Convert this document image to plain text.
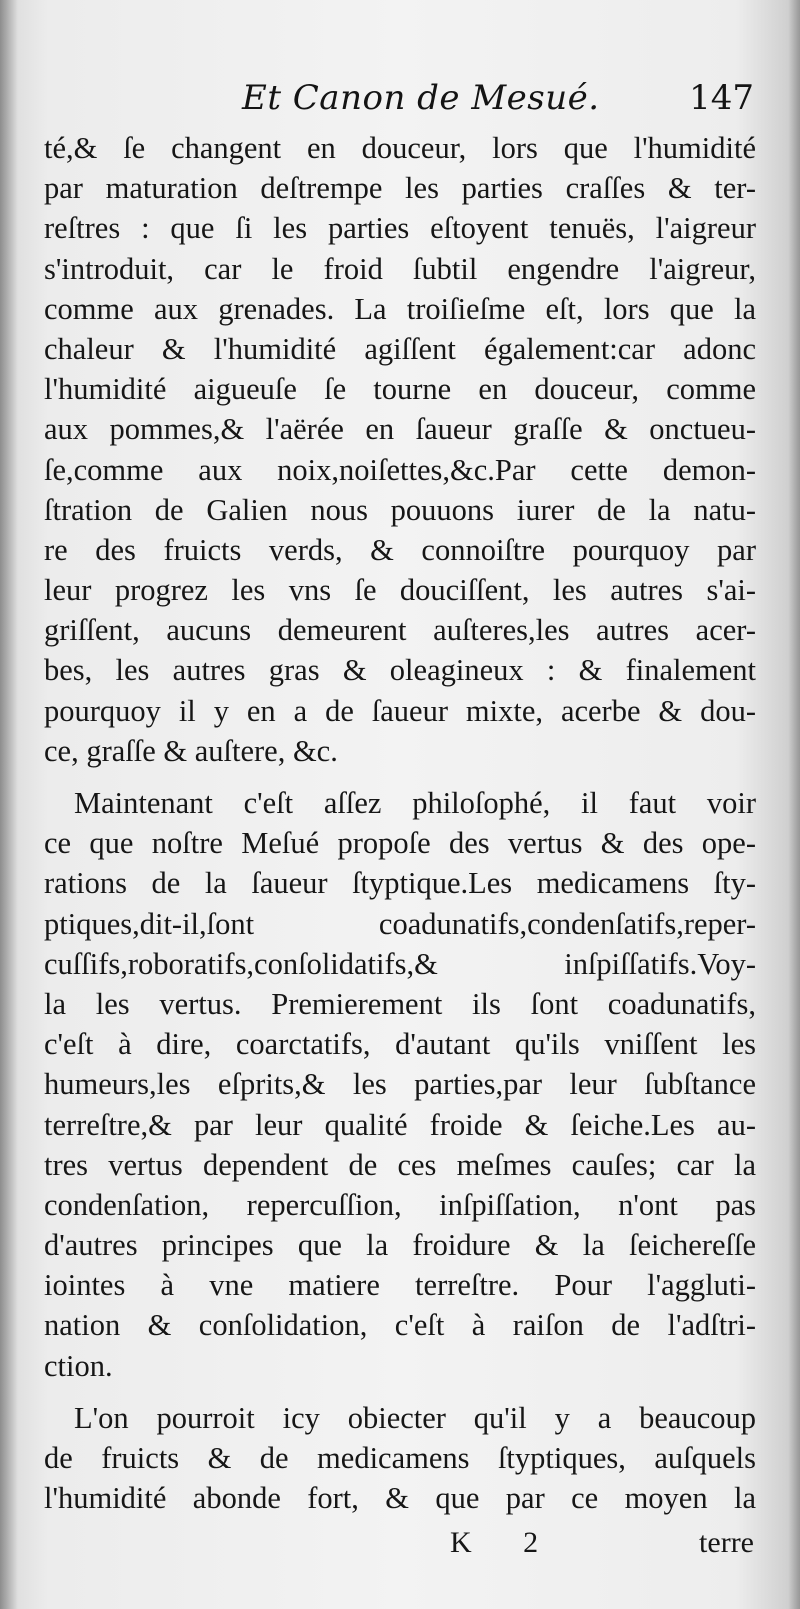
Et Canon de Mesué.	147
té,& ſe changent en douceur, lors que l'humidité
par maturation deſtrempe les parties craſſes & ter-
reſtres : que ſi les parties eſtoyent tenuës, l'aigreur
s'introduit, car le froid ſubtil engendre l'aigreur,
comme aux grenades. La troiſieſme eſt, lors que la
chaleur & l'humidité agiſſent également:car adonc
l'humidité aigueuſe ſe tourne en douceur, comme
aux pommes,& l'aërée en ſaueur graſſe & onctueu-
ſe,comme aux noix,noiſettes,&c.Par cette demon-
ſtration de Galien nous pouuons iurer de la natu-
re des fruicts verds, & connoiſtre pourquoy par
leur progrez les vns ſe douciſſent, les autres s'ai-
griſſent, aucuns demeurent auſteres,les autres acer-
bes, les autres gras & oleagineux : & finalement
pourquoy il y en a de ſaueur mixte, acerbe & dou-
ce, graſſe & auſtere, &c.
Maintenant c'eſt aſſez philoſophé, il faut voir
ce que noſtre Meſué propoſe des vertus & des ope-
rations de la ſaueur ſtyptique.Les medicamens ſty-
ptiques,dit-il,ſont coadunatifs,condenſatifs,reper-
cuſſifs,roboratifs,conſolidatifs,& inſpiſſatifs.Voy-
la les vertus. Premierement ils ſont coadunatifs,
c'eſt à dire, coarctatifs, d'autant qu'ils vniſſent les
humeurs,les eſprits,& les parties,par leur ſubſtance
terreſtre,& par leur qualité froide & ſeiche.Les au-
tres vertus dependent de ces meſmes cauſes; car la
condenſation, repercuſſion, inſpiſſation, n'ont pas
d'autres principes que la froidure & la ſeichereſſe
iointes à vne matiere terreſtre. Pour l'aggluti-
nation & conſolidation, c'eſt à raiſon de l'adſtri-
ction.
L'on pourroit icy obiecter qu'il y a beaucoup
de fruicts & de medicamens ſtyptiques, auſquels
l'humidité abonde fort, & que par ce moyen la
K 2	terre
